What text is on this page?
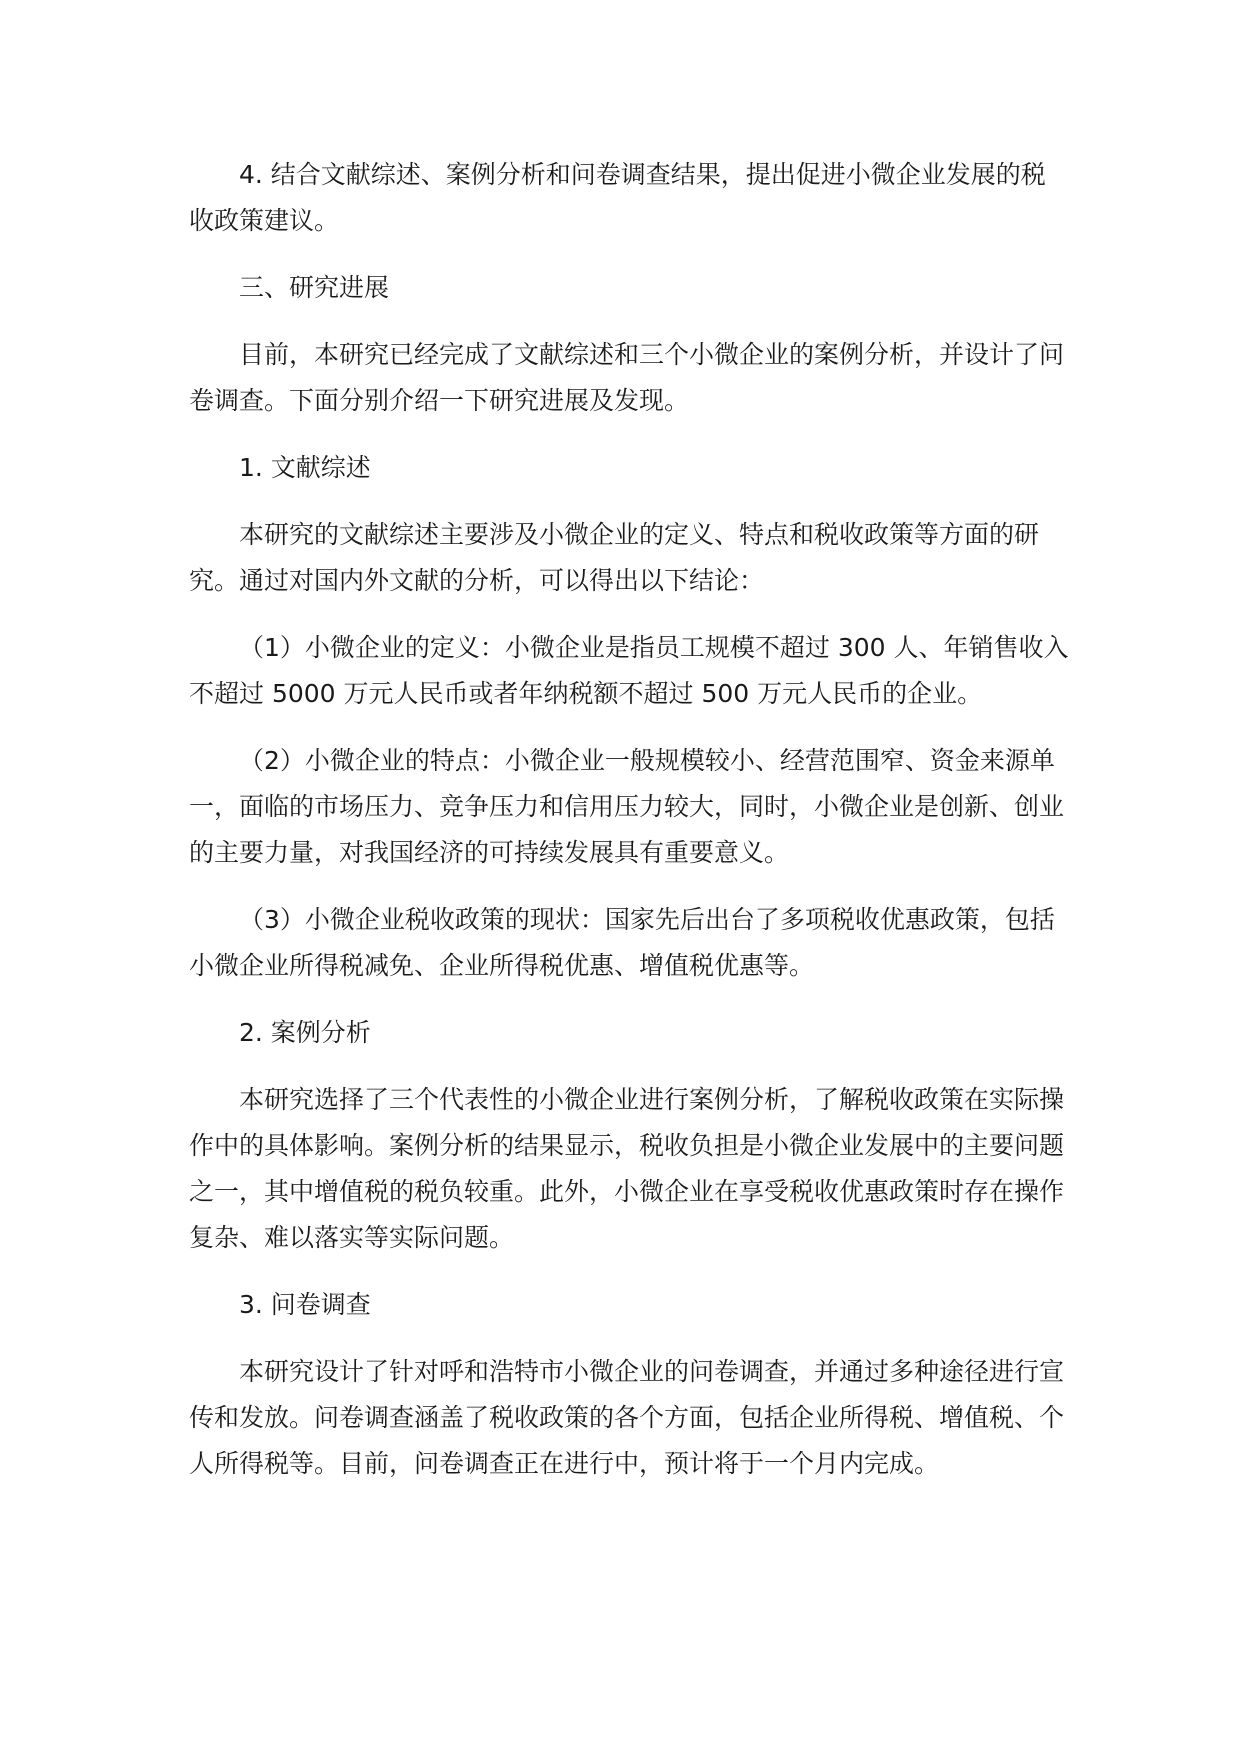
4. 结合文献综述、案例分析和问卷调查结果，提出促进小微企业发展的税收政策建议。

三、研究进展

目前，本研究已经完成了文献综述和三个小微企业的案例分析，并设计了问卷调查。下面分别介绍一下研究进展及发现。

1. 文献综述

本研究的文献综述主要涉及小微企业的定义、特点和税收政策等方面的研究。通过对国内外文献的分析，可以得出以下结论：

（1）小微企业的定义：小微企业是指员工规模不超过 300 人、年销售收入不超过 5000 万元人民币或者年纳税额不超过 500 万元人民币的企业。

（2）小微企业的特点：小微企业一般规模较小、经营范围窄、资金来源单一，面临的市场压力、竞争压力和信用压力较大，同时，小微企业是创新、创业的主要力量，对我国经济的可持续发展具有重要意义。

（3）小微企业税收政策的现状：国家先后出台了多项税收优惠政策，包括小微企业所得税减免、企业所得税优惠、增值税优惠等。

2. 案例分析

本研究选择了三个代表性的小微企业进行案例分析，了解税收政策在实际操作中的具体影响。案例分析的结果显示，税收负担是小微企业发展中的主要问题之一，其中增值税的税负较重。此外，小微企业在享受税收优惠政策时存在操作复杂、难以落实等实际问题。

3. 问卷调查

本研究设计了针对呼和浩特市小微企业的问卷调查，并通过多种途径进行宣传和发放。问卷调查涵盖了税收政策的各个方面，包括企业所得税、增值税、个人所得税等。目前，问卷调查正在进行中，预计将于一个月内完成。
